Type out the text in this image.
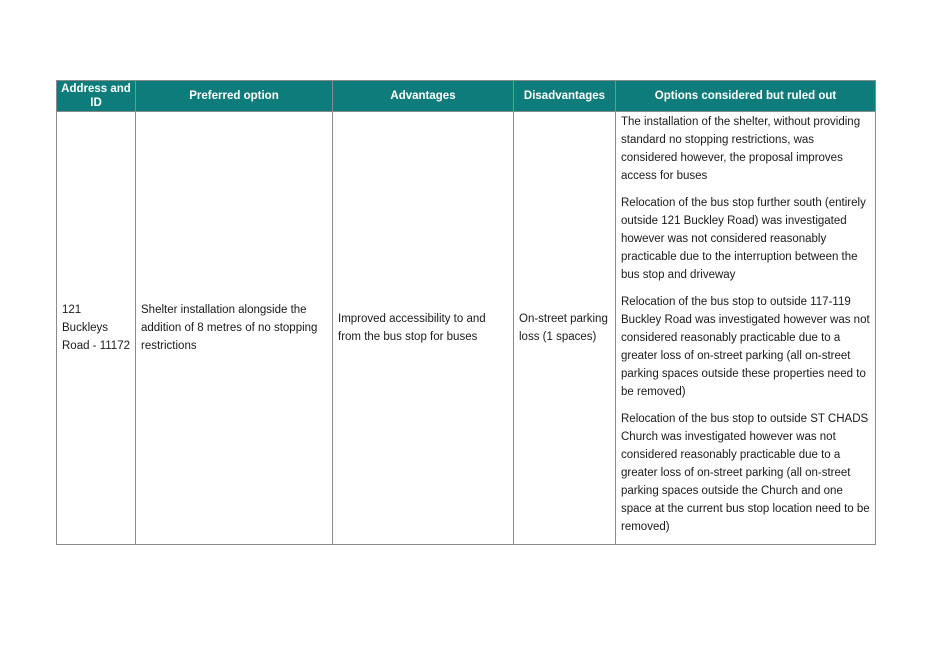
Address and ID	Preferred option	Advantages	Disadvantages	Options considered but ruled out
121 Buckleys Road - 11172	Shelter installation alongside the addition of 8 metres of no stopping restrictions	Improved accessibility to and from the bus stop for buses	On-street parking loss (1 spaces)	The installation of the shelter, without providing standard no stopping restrictions, was considered however, the proposal improves access for buses

Relocation of the bus stop further south (entirely outside 121 Buckley Road) was investigated however was not considered reasonably practicable due to the interruption between the bus stop and driveway

Relocation of the bus stop to outside 117-119 Buckley Road was investigated however was not considered reasonably practicable due to a greater loss of on-street parking (all on-street parking spaces outside these properties need to be removed)

Relocation of the bus stop to outside ST CHADS Church was investigated however was not considered reasonably practicable due to a greater loss of on-street parking (all on-street parking spaces outside the Church and one space at the current bus stop location need to be removed)
